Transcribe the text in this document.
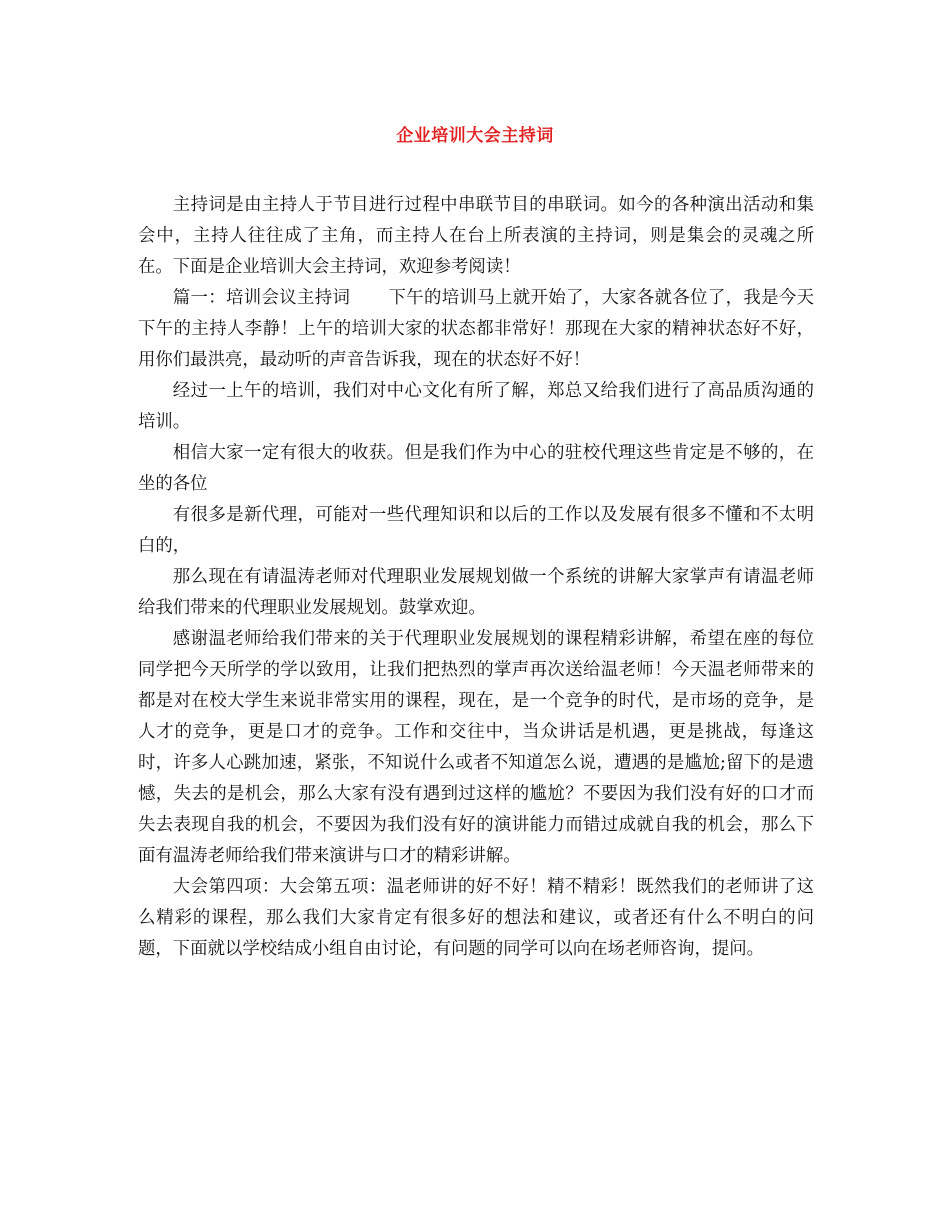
企业培训大会主持词

主持词是由主持人于节目进行过程中串联节目的串联词。如今的各种演出活动和集会中，主持人往往成了主角，而主持人在台上所表演的主持词，则是集会的灵魂之所在。下面是企业培训大会主持词，欢迎参考阅读！

篇一：培训会议主持词 下午的培训马上就开始了，大家各就各位了，我是今天下午的主持人李静！上午的培训大家的状态都非常好！那现在大家的精神状态好不好，用你们最洪亮，最动听的声音告诉我，现在的状态好不好！

经过一上午的培训，我们对中心文化有所了解，郑总又给我们进行了高品质沟通的培训。

相信大家一定有很大的收获。但是我们作为中心的驻校代理这些肯定是不够的，在坐的各位

有很多是新代理，可能对一些代理知识和以后的工作以及发展有很多不懂和不太明白的，

那么现在有请温涛老师对代理职业发展规划做一个系统的讲解大家掌声有请温老师给我们带来的代理职业发展规划。鼓掌欢迎。

感谢温老师给我们带来的关于代理职业发展规划的课程精彩讲解，希望在座的每位同学把今天所学的学以致用，让我们把热烈的掌声再次送给温老师！今天温老师带来的都是对在校大学生来说非常实用的课程，现在，是一个竞争的时代，是市场的竞争，是人才的竞争，更是口才的竞争。工作和交往中，当众讲话是机遇，更是挑战，每逢这时，许多人心跳加速，紧张，不知说什么或者不知道怎么说，遭遇的是尴尬;留下的是遗憾，失去的是机会，那么大家有没有遇到过这样的尴尬？不要因为我们没有好的口才而失去表现自我的机会，不要因为我们没有好的演讲能力而错过成就自我的机会，那么下面有温涛老师给我们带来演讲与口才的精彩讲解。

大会第四项：大会第五项：温老师讲的好不好！精不精彩！既然我们的老师讲了这么精彩的课程，那么我们大家肯定有很多好的想法和建议，或者还有什么不明白的问题，下面就以学校结成小组自由讨论，有问题的同学可以向在场老师咨询，提问。
